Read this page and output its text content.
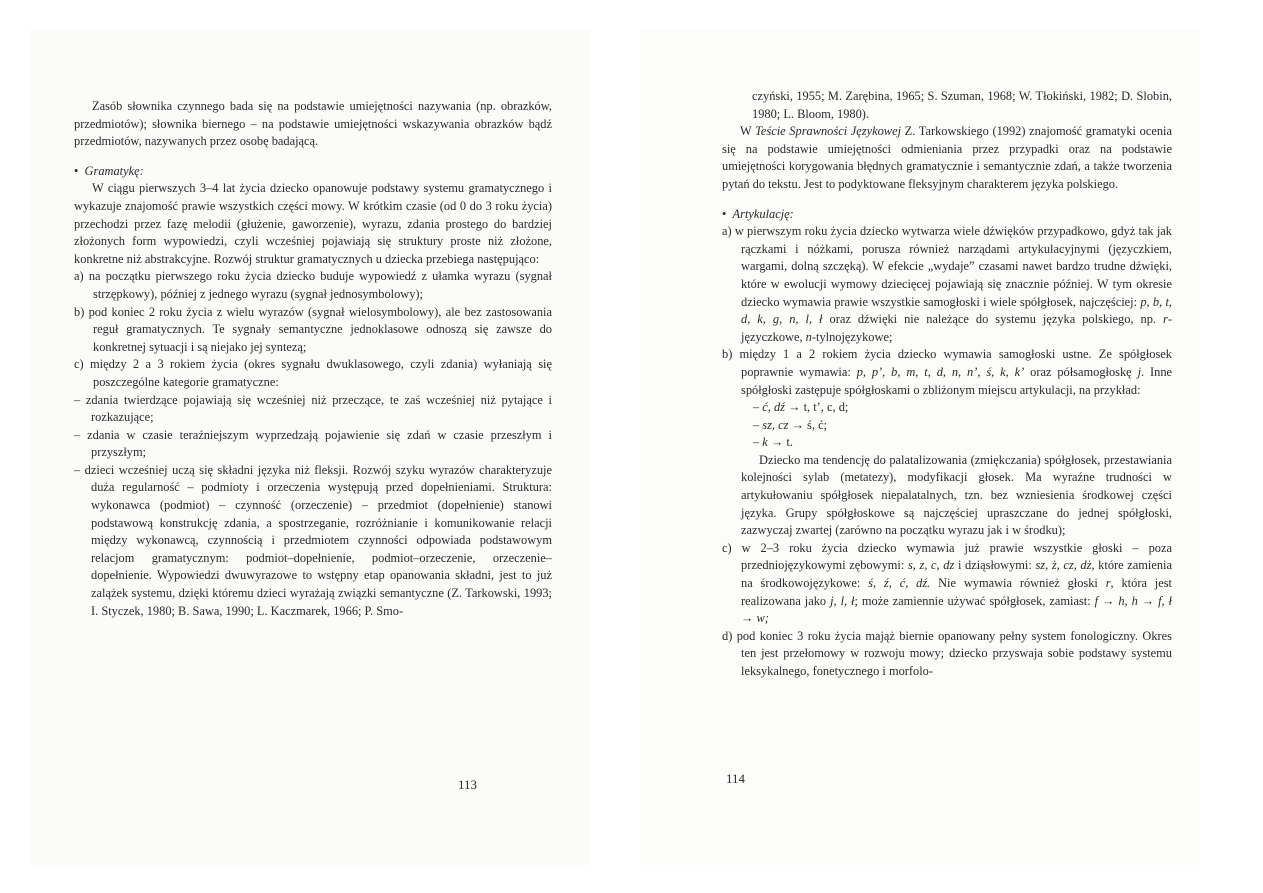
Zasób słownika czynnego bada się na podstawie umiejętności nazywania (np. obrazków, przedmiotów); słownika biernego – na podstawie umiejętności wskazywania obrazków bądź przedmiotów, nazywanych przez osobę badającą.

•  Gramatykę:

W ciągu pierwszych 3–4 lat życia dziecko opanowuje podstawy systemu gramatycznego i wykazuje znajomość prawie wszystkich części mowy. W krótkim czasie (od 0 do 3 roku życia) przechodzi przez fazę melodii (głużenie, gaworzenie), wyrazu, zdania prostego do bardziej złożonych form wypowiedzi, czyli wcześniej pojawiają się struktury proste niż złożone, konkretne niż abstrakcyjne. Rozwój struktur gramatycznych u dziecka przebiega następująco:

a) na początku pierwszego roku życia dziecko buduje wypowiedź z ułamka wyrazu (sygnał strzępkowy), później z jednego wyrazu (sygnał jednosymbolowy);

b) pod koniec 2 roku życia z wielu wyrazów (sygnał wielosymbolowy), ale bez zastosowania reguł gramatycznych. Te sygnały semantyczne jednoklasowe odnoszą się zawsze do konkretnej sytuacji i są niejako jej syntezą;

c) między 2 a 3 rokiem życia (okres sygnału dwuklasowego, czyli zdania) wyłaniają się poszczególne kategorie gramatyczne:

– zdania twierdzące pojawiają się wcześniej niż przeczące, te zaś wcześniej niż pytające i rozkazujące;

– zdania w czasie teraźniejszym wyprzedzają pojawienie się zdań w czasie przeszłym i przyszłym;

– dzieci wcześniej uczą się składni języka niż fleksji. Rozwój szyku wyrazów charakteryzuje duża regularność – podmioty i orzeczenia występują przed dopełnieniami. Struktura: wykonawca (podmiot) – czynność (orzeczenie) – przedmiot (dopełnienie) stanowi podstawową konstrukcję zdania, a spostrzeganie, rozróżnianie i komunikowanie relacji między wykonawcą, czynnością i przedmiotem czynności odpowiada podstawowym relacjom gramatycznym: podmiot–dopełnienie, podmiot–orzeczenie, orzeczenie–dopełnienie. Wypowiedzi dwuwyrazowe to wstępny etap opanowania składni, jest to już zalążek systemu, dzięki któremu dzieci wyrażają związki semantyczne (Z. Tarkowski, 1993; I. Styczek, 1980; B. Sawa, 1990; L. Kaczmarek, 1966; P. Smo-

113

czyński, 1955; M. Zarębina, 1965; S. Szuman, 1968; W. Tłokiński, 1982; D. Slobin, 1980; L. Bloom, 1980).

W Teście Sprawności Językowej Z. Tarkowskiego (1992) znajomość gramatyki ocenia się na podstawie umiejętności odmieniania przez przypadki oraz na podstawie umiejętności korygowania błędnych gramatycznie i semantycznie zdań, a także tworzenia pytań do tekstu. Jest to podyktowane fleksyjnym charakterem języka polskiego.

•  Artykulację:

a) w pierwszym roku życia dziecko wytwarza wiele dźwięków przypadkowo, gdyż tak jak rączkami i nóżkami, porusza również narządami artykulacyjnymi (języczkiem, wargami, dolną szczęką). W efekcie „wydaje” czasami nawet bardzo trudne dźwięki, które w ewolucji wymowy dziecięcej pojawiają się znacznie później. W tym okresie dziecko wymawia prawie wszystkie samogłoski i wiele spółgłosek, najczęściej: p, b, t, d, k, g, n, l, ł oraz dźwięki nie należące do systemu języka polskiego, np. r-języczkowe, n-tylnojęzykowe;

b) między 1 a 2 rokiem życia dziecko wymawia samogłoski ustne. Ze spółgłosek poprawnie wymawia: p, p’, b, m, t, d, n, n’, ś, k, k’ oraz półsamogłoskę j. Inne spółgłoski zastępuje spółgłoskami o zbliżonym miejscu artykulacji, na przykład:

– ć, dź → t, t’, c, d;

– sz, cz → ś, ć;

– k → t.

Dziecko ma tendencję do palatalizowania (zmiękczania) spółgłosek, przestawiania kolejności sylab (metatezy), modyfikacji głosek. Ma wyraźne trudności w artykułowaniu spółgłosek niepalatalnych, tzn. bez wzniesienia środkowej części języka. Grupy spółgłoskowe są najczęściej upraszczane do jednej spółgłoski, zazwyczaj zwartej (zarówno na początku wyrazu jak i w środku);

c) w 2–3 roku życia dziecko wymawia już prawie wszystkie głoski – poza przedniojęzykowymi zębowymi: s, z, c, dz i dziąsłowymi: sz, ż, cz, dż, które zamienia na środkowojęzykowe: ś, ź, ć, dź. Nie wymawia również głoski r, która jest realizowana jako j, l, ł; może zamiennie używać spółgłosek, zamiast: f → h, h → f, ł → w;

d) pod koniec 3 roku życia mająż biernie opanowany pełny system fonologiczny. Okres ten jest przełomowy w rozwoju mowy; dziecko przyswaja sobie podstawy systemu leksykalnego, fonetycznego i morfolo-

114
